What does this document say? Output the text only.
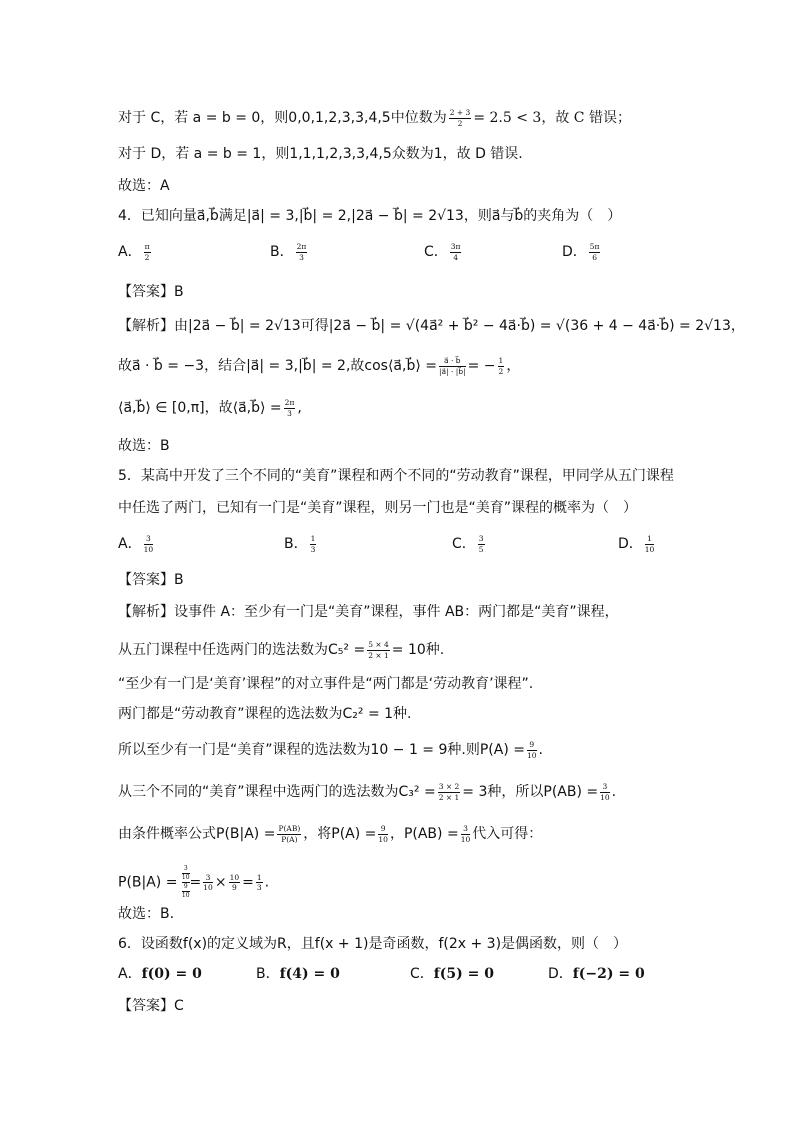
对于 C，若 a = b = 0，则0,0,1,2,3,3,4,5中位数为 $\frac{2 + 3}{2} = 2.5 < 3$，故 C 错误；
对于 D，若 a = b = 1，则1,1,1,2,3,3,4,5众数为1，故 D 错误.
故选：A
4．已知向量a⃗,b⃗满足|a⃗| = 3,|b⃗| = 2,|2a⃗ − b⃗| = 2√13，则a⃗与b⃗的夹角为（　）
A． $\frac{\pi}{2}$	B． $\frac{2\pi}{3}$	C． $\frac{3\pi}{4}$	D． $\frac{5\pi}{6}$
【答案】B
【解析】由|2a⃗ − b⃗| = 2√13可得|2a⃗ − b⃗| = √(4a⃗² + b⃗² − 4a⃗·b⃗) = √(36 + 4 − 4a⃗·b⃗) = 2√13，
故a⃗ · b⃗ = −3，结合|a⃗| = 3,|b⃗| = 2,故cos⟨a⃗,b⃗⟩ = $\frac{a⃗ \cdot b⃗}{|a⃗| \cdot |b⃗|}$ = − $\frac{1}{2}$ ，
⟨a⃗,b⃗⟩ ∈ [0,π]，故⟨a⃗,b⃗⟩ = $\frac{2\pi}{3}$ ,
故选：B
5．某高中开发了三个不同的“美育”课程和两个不同的“劳动教育”课程，甲同学从五门课程
中任选了两门，已知有一门是“美育”课程，则另一门也是“美育”课程的概率为（　）
A． $\frac{3}{10}$	B． $\frac{1}{3}$	C． $\frac{3}{5}$	D． $\frac{1}{10}$
【答案】B
【解析】设事件 A：至少有一门是“美育”课程，事件 AB：两门都是“美育”课程，
从五门课程中任选两门的选法数为$C_5^2 = \frac{5 \times 4}{2 \times 1} = 10$种.
“至少有一门是‘美育’课程”的对立事件是“两门都是‘劳动教育’课程”.
两门都是“劳动教育”课程的选法数为C₂² = 1种.
所以至少有一门是“美育”课程的选法数为10 − 1 = 9种.则$P(A) = \frac{9}{10}$ .
从三个不同的“美育”课程中选两门的选法数为$C_3^2 = \frac{3 \times 2}{2 \times 1} = 3$种，所以$P(AB) = \frac{3}{10}$ .
由条件概率公式$P(B|A) = \frac{P(AB)}{P(A)}$ ，将$P(A) = \frac{9}{10}$ ，$P(AB) = \frac{3}{10}$ 代入可得：
$P(B|A) = \frac{\frac{3}{10}}{\frac{9}{10}} = \frac{3}{10} \times \frac{10}{9} = \frac{1}{3}$ .
故选：B.
6．设函数f(x)的定义域为R，且f(x + 1)是奇函数，f(2x + 3)是偶函数，则（　）
A．f(0) = 0	B．f(4) = 0	C．f(5) = 0	D．f(−2) = 0
【答案】C
